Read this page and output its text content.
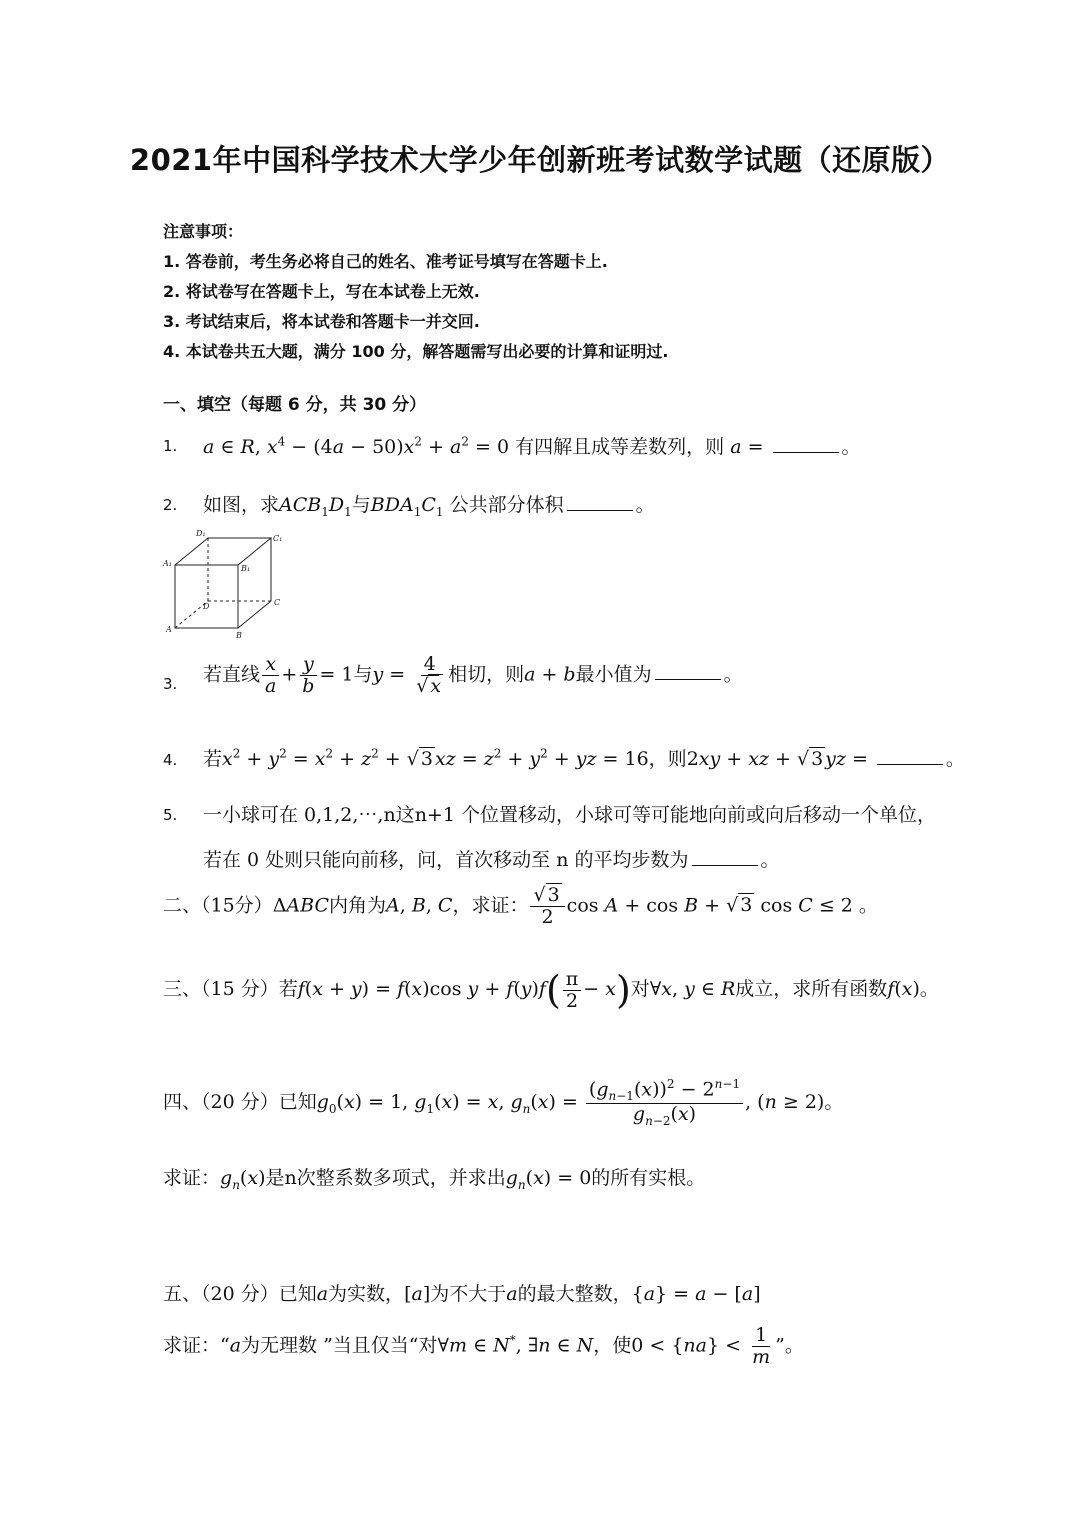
2021年中国科学技术大学少年创新班考试数学试题（还原版）
注意事项：
1. 答卷前，考生务必将自己的姓名、准考证号填写在答题卡上.
2. 将试卷写在答题卡上，写在本试卷上无效.
3. 考试结束后，将本试卷和答题卡一并交回.
4. 本试卷共五大题，满分 100 分，解答题需写出必要的计算和证明过.
一、填空（每题 6 分，共 30 分）
1. a ∈ R, $x^4 - (4a - 50)x^2 + a^2 = 0$ 有四解且成等差数列，则 a =	。
2. 如图，求$ACB_1D_1$与$BDA_1C_1$ 公共部分体积	。
D₁
C₁
A₁
B₁
D	C
A
B
3. 若直线 $\frac{x}{a} + \frac{y}{b} = 1$与$y = \frac{4}{√ x}$ 相切，则a + b最小值为	。
4. 若$x^2 + y^2 = x^2 + z^2$ + √ 3 xz = $z^2 + y^2$ + yz = 16，则2xy + xz + √ 3 yz =	。
5. 一小球可在 0,1,2,⋯,n这n+1 个位置移动，小球可等可能地向前或向后移动一个单位，
若在 0 处则只能向前移，问，首次移动至 n 的平均步数为	。
二、（15分）ΔABC内角为A, B, C，求证： $\frac{√ 3}{2}$ cos A + cos B + √ 3 cos C ≤ 2 。
三、（15 分）若f(x + y) = f(x)cos $y + f(y)f( \frac{\pi}{2} - x)$对∀x, y ∈ R成立，求所有函数f(x)。
四、（20 分）已知$g_0(x) = 1$, $g_1(x) = x$, $g_n(x) = \frac{(g_{n-1}(x))^2 - 2^{n-1}}{g_{n-2}(x)}$ , (n ≥ 2)。
求证：$g_n(x)$是n次整系数多项式，并求出$g_n(x) = 0$的所有实根。
五、（20 分）已知a为实数，[a]为不大于a的最大整数，{a} = a − [a]
求证：“a为无理数 ”当且仅当“对∀m ∈ N*, ∃n ∈ N，使$0 < \{na\} < \frac{1}{m}$ ”。
